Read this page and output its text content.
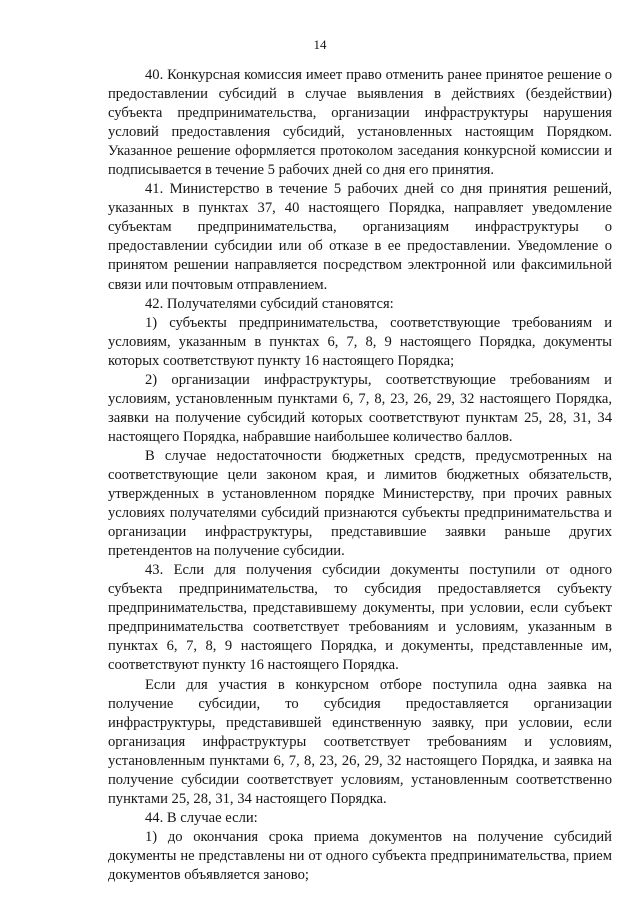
14

40. Конкурсная комиссия имеет право отменить ранее принятое решение о предоставлении субсидий в случае выявления в действиях (бездействии) субъекта предпринимательства, организации инфраструктуры нарушения условий предоставления субсидий, установленных настоящим Порядком. Указанное решение оформляется протоколом заседания конкурсной комиссии и подписывается в течение 5 рабочих дней со дня его принятия.

41. Министерство в течение 5 рабочих дней со дня принятия решений, указанных в пунктах 37, 40 настоящего Порядка, направляет уведомление субъектам предпринимательства, организациям инфраструктуры о предоставлении субсидии или об отказе в ее предоставлении. Уведомление о принятом решении направляется посредством электронной или факсимильной связи или почтовым отправлением.

42. Получателями субсидий становятся:

1) субъекты предпринимательства, соответствующие требованиям и условиям, указанным в пунктах 6, 7, 8, 9 настоящего Порядка, документы которых соответствуют пункту 16 настоящего Порядка;

2) организации инфраструктуры, соответствующие требованиям и условиям, установленным пунктами 6, 7, 8, 23, 26, 29, 32 настоящего Порядка, заявки на получение субсидий которых соответствуют пунктам 25, 28, 31, 34 настоящего Порядка, набравшие наибольшее количество баллов.

В случае недостаточности бюджетных средств, предусмотренных на соответствующие цели законом края, и лимитов бюджетных обязательств, утвержденных в установленном порядке Министерству, при прочих равных условиях получателями субсидий признаются субъекты предпринимательства и организации инфраструктуры, представившие заявки раньше других претендентов на получение субсидии.

43. Если для получения субсидии документы поступили от одного субъекта предпринимательства, то субсидия предоставляется субъекту предпринимательства, представившему документы, при условии, если субъект предпринимательства соответствует требованиям и условиям, указанным в пунктах 6, 7, 8, 9 настоящего Порядка, и документы, представленные им, соответствуют пункту 16 настоящего Порядка.

Если для участия в конкурсном отборе поступила одна заявка на получение субсидии, то субсидия предоставляется организации инфраструктуры, представившей единственную заявку, при условии, если организация инфраструктуры соответствует требованиям и условиям, установленным пунктами 6, 7, 8, 23, 26, 29, 32 настоящего Порядка, и заявка на получение субсидии соответствует условиям, установленным соответственно пунктами 25, 28, 31, 34 настоящего Порядка.

44. В случае если:

1) до окончания срока приема документов на получение субсидий документы не представлены ни от одного субъекта предпринимательства, прием документов объявляется заново;
